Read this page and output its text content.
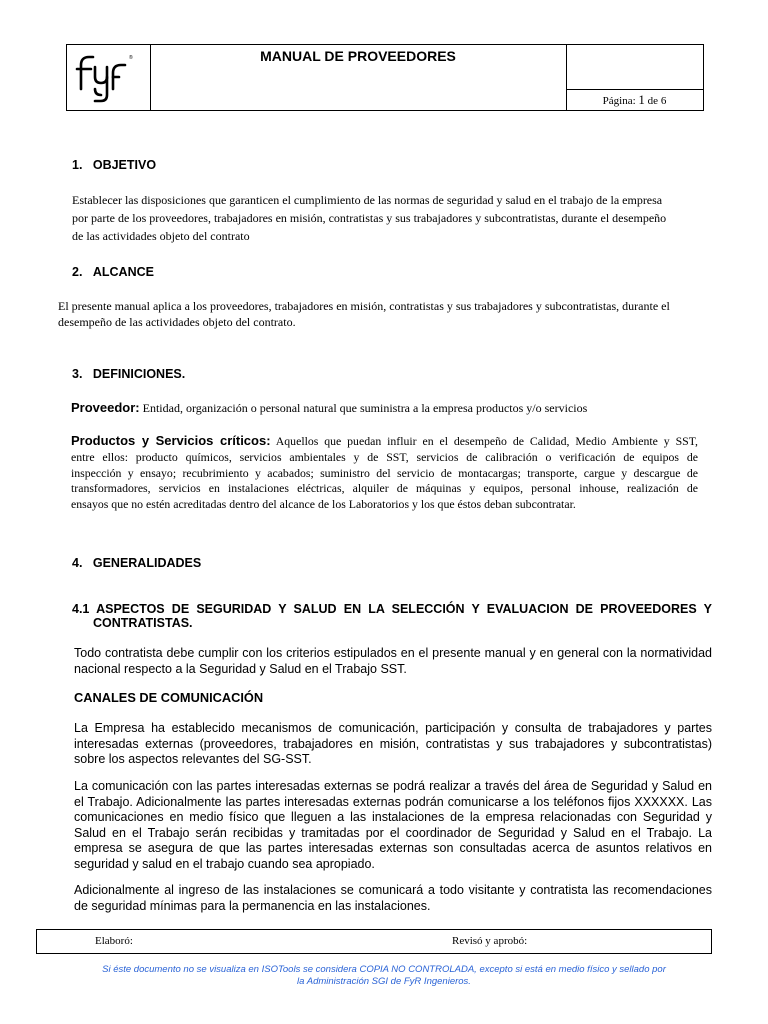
®	MANUAL DE PROVEEDORES
Página: 1 de 6
1. OBJETIVO
Establecer las disposiciones que garanticen el cumplimiento de las normas de seguridad y salud en el trabajo de la empresa
por parte de los proveedores, trabajadores en misión, contratistas y sus trabajadores y subcontratistas, durante el desempeño
de las actividades objeto del contrato
2. ALCANCE
El presente manual aplica a los proveedores, trabajadores en misión, contratistas y sus trabajadores y subcontratistas, durante el
desempeño de las actividades objeto del contrato.
3. DEFINICIONES.
Proveedor: Entidad, organización o personal natural que suministra a la empresa productos y/o servicios
Productos y Servicios críticos: Aquellos que puedan influir en el desempeño de Calidad, Medio Ambiente y SST,
entre ellos: producto químicos, servicios ambientales y de SST, servicios de calibración o verificación de equipos de
inspección y ensayo; recubrimiento y acabados; suministro del servicio de montacargas; transporte, cargue y descargue de
transformadores, servicios en instalaciones eléctricas, alquiler de máquinas y equipos, personal inhouse, realización de
ensayos que no estén acreditadas dentro del alcance de los Laboratorios y los que éstos deban subcontratar.
4. GENERALIDADES
4.1 ASPECTOS DE SEGURIDAD Y SALUD EN LA SELECCIÓN Y EVALUACION DE PROVEEDORES Y
CONTRATISTAS.
Todo contratista debe cumplir con los criterios estipulados en el presente manual y en general con la normatividad
nacional respecto a la Seguridad y Salud en el Trabajo SST.
CANALES DE COMUNICACIÓN
La Empresa ha establecido mecanismos de comunicación, participación y consulta de trabajadores y partes
interesadas externas (proveedores, trabajadores en misión, contratistas y sus trabajadores y subcontratistas)
sobre los aspectos relevantes del SG-SST.
La comunicación con las partes interesadas externas se podrá realizar a través del área de Seguridad y Salud en
el Trabajo. Adicionalmente las partes interesadas externas podrán comunicarse a los teléfonos fijos XXXXXX. Las
comunicaciones en medio físico que lleguen a las instalaciones de la empresa relacionadas con Seguridad y
Salud en el Trabajo serán recibidas y tramitadas por el coordinador de Seguridad y Salud en el Trabajo. La
empresa se asegura de que las partes interesadas externas son consultadas acerca de asuntos relativos en
seguridad y salud en el trabajo cuando sea apropiado.
Adicionalmente al ingreso de las instalaciones se comunicará a todo visitante y contratista las recomendaciones
de seguridad mínimas para la permanencia en las instalaciones.
Elaboró:	Revisó y aprobó:
Si éste documento no se visualiza en ISOTools se considera COPIA NO CONTROLADA, excepto si está en medio físico y sellado por
la Administración SGI de FyR Ingenieros.
